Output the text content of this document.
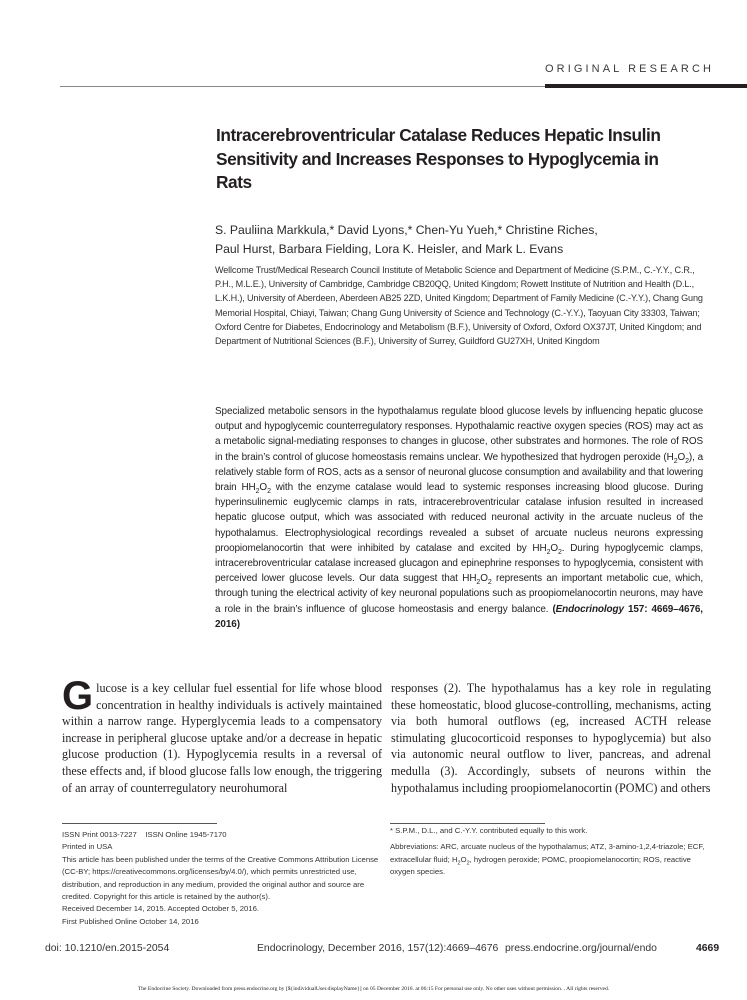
ORIGINAL RESEARCH
Intracerebroventricular Catalase Reduces Hepatic Insulin Sensitivity and Increases Responses to Hypoglycemia in Rats
S. Pauliina Markkula,* David Lyons,* Chen-Yu Yueh,* Christine Riches,
Paul Hurst, Barbara Fielding, Lora K. Heisler, and Mark L. Evans
Wellcome Trust/Medical Research Council Institute of Metabolic Science and Department of Medicine (S.P.M., C.-Y.Y., C.R., P.H., M.L.E.), University of Cambridge, Cambridge CB20QQ, United Kingdom; Rowett Institute of Nutrition and Health (D.L., L.K.H.), University of Aberdeen, Aberdeen AB25 2ZD, United Kingdom; Department of Family Medicine (C.-Y.Y.), Chang Gung Memorial Hospital, Chiayi, Taiwan; Chang Gung University of Science and Technology (C.-Y.Y.), Taoyuan City 33303, Taiwan; Oxford Centre for Diabetes, Endocrinology and Metabolism (B.F.), University of Oxford, Oxford OX37JT, United Kingdom; and Department of Nutritional Sciences (B.F.), University of Surrey, Guildford GU27XH, United Kingdom
Specialized metabolic sensors in the hypothalamus regulate blood glucose levels by influencing hepatic glucose output and hypoglycemic counterregulatory responses. Hypothalamic reactive oxygen species (ROS) may act as a metabolic signal-mediating responses to changes in glucose, other substrates and hormones. The role of ROS in the brain’s control of glucose homeostasis remains unclear. We hypothesized that hydrogen peroxide $(H_2O_2)$, a relatively stable form of ROS, acts as a sensor of neuronal glucose consumption and availability and that lowering brain $HH_2O_2$ with the enzyme catalase would lead to systemic responses increasing blood glucose. During hyperinsulinemic euglycemic clamps in rats, intracerebroventricular catalase infusion resulted in increased hepatic glucose output, which was associated with reduced neuronal activity in the arcuate nucleus of the hypothalamus. Electrophysiological recordings revealed a subset of arcuate nucleus neurons expressing proopiomelanocortin that were inhibited by catalase and excited by $HH_2O_2$. During hypoglycemic clamps, intracerebroventricular catalase increased glucagon and epinephrine responses to hypoglycemia, consistent with perceived lower glucose levels. Our data suggest that $HH_2O_2$ represents an important metabolic cue, which, through tuning the electrical activity of key neuronal populations such as proopiomelanocortin neurons, may have a role in the brain’s influence of glucose homeostasis and energy balance. (Endocrinology 157: 4669–4676, 2016)
Glucose is a key cellular fuel essential for life whose blood concentration in healthy individuals is actively maintained within a narrow range. Hyperglycemia leads to a compensatory increase in peripheral glucose uptake and/or a decrease in hepatic glucose production (1). Hypoglycemia results in a reversal of these effects and, if blood glucose falls low enough, the triggering of an array of counterregulatory neurohumoral
responses (2). The hypothalamus has a key role in regulating these homeostatic, blood glucose-controlling, mechanisms, acting via both humoral outflows (eg, increased ACTH release stimulating glucocorticoid responses to hypoglycemia) but also via autonomic neural outflow to liver, pancreas, and adrenal medulla (3). Accordingly, subsets of neurons within the hypothalamus including proopiomelanocortin (POMC) and others
ISSN Print 0013-7227    ISSN Online 1945-7170
Printed in USA
This article has been published under the terms of the Creative Commons Attribution License (CC-BY; https://creativecommons.org/licenses/by/4.0/), which permits unrestricted use, distribution, and reproduction in any medium, provided the original author and source are credited. Copyright for this article is retained by the author(s).
Received December 14, 2015. Accepted October 5, 2016.
First Published Online October 14, 2016

* S.P.M., D.L., and C.-Y.Y. contributed equally to this work.

Abbreviations: ARC, arcuate nucleus of the hypothalamus; ATZ, 3-amino-1,2,4-triazole; ECF, extracellular fluid; $H_2O_2$, hydrogen peroxide; POMC, proopiomelanocortin; ROS, reactive oxygen species.

doi: 10.1210/en.2015-2054	Endocrinology, December 2016, 157(12):4669–4676 press.endocrine.org/journal/endo	4669
The Endocrine Society. Downloaded from press.endocrine.org by [${individualUser.displayName}] on 05 December 2016. at 06:15 For personal use only. No other uses without permission. . All rights reserved.
